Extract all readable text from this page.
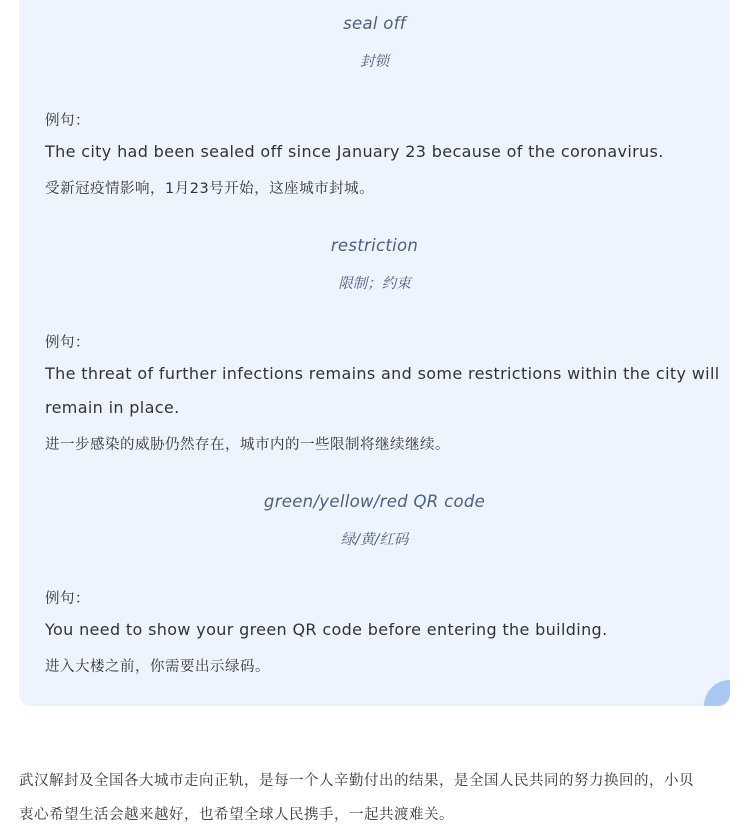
seal off
封锁
例句：
The city had been sealed off since January 23 because of the coronavirus.
受新冠疫情影响，1月23号开始，这座城市封城。
restriction
限制；约束
例句：
The threat of further infections remains and some restrictions within the city will
remain in place.
进一步感染的威胁仍然存在，城市内的一些限制将继续继续。
green/yellow/red QR code
绿/黄/红码
例句：
You need to show your green QR code before entering the building.
进入大楼之前，你需要出示绿码。
武汉解封及全国各大城市走向正轨，是每一个人辛勤付出的结果，是全国人民共同的努力换回的，小贝
衷心希望生活会越来越好，也希望全球人民携手，一起共渡难关。
